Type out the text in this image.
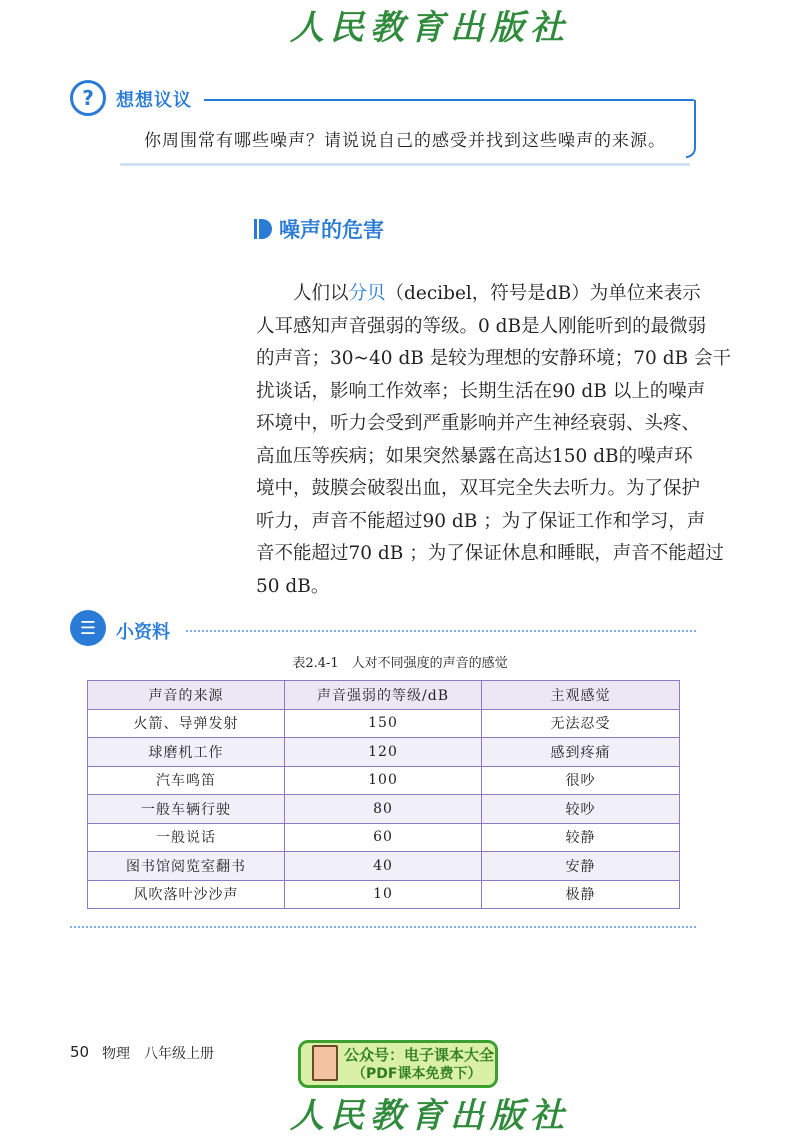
人民教育出版社
?	想想议议
你周围常有哪些噪声？请说说自己的感受并找到这些噪声的来源。
噪声的危害
人们以分贝（decibel，符号是dB）为单位来表示
人耳感知声音强弱的等级。0 dB是人刚能听到的最微弱
的声音；30~40 dB 是较为理想的安静环境；70 dB 会干
扰谈话，影响工作效率；长期生活在90 dB 以上的噪声
环境中，听力会受到严重影响并产生神经衰弱、头疼、
高血压等疾病；如果突然暴露在高达150 dB的噪声环
境中，鼓膜会破裂出血，双耳完全失去听力。为了保护
听力，声音不能超过90 dB ；为了保证工作和学习，声
音不能超过70 dB ；为了保证休息和睡眠，声音不能超过
50 dB。
☰	小资料
表2.4-1　人对不同强度的声音的感觉
声音的来源	声音强弱的等级/dB	主观感觉
火箭、导弹发射	150	无法忍受
球磨机工作	120	感到疼痛
汽车鸣笛	100	很吵
一般车辆行驶	80	较吵
一般说话	60	较静
图书馆阅览室翻书	40	安静
风吹落叶沙沙声	10	极静
50 物理　八年级上册	公众号：电子课本大全
（PDF课本免费下）
人民教育出版社
